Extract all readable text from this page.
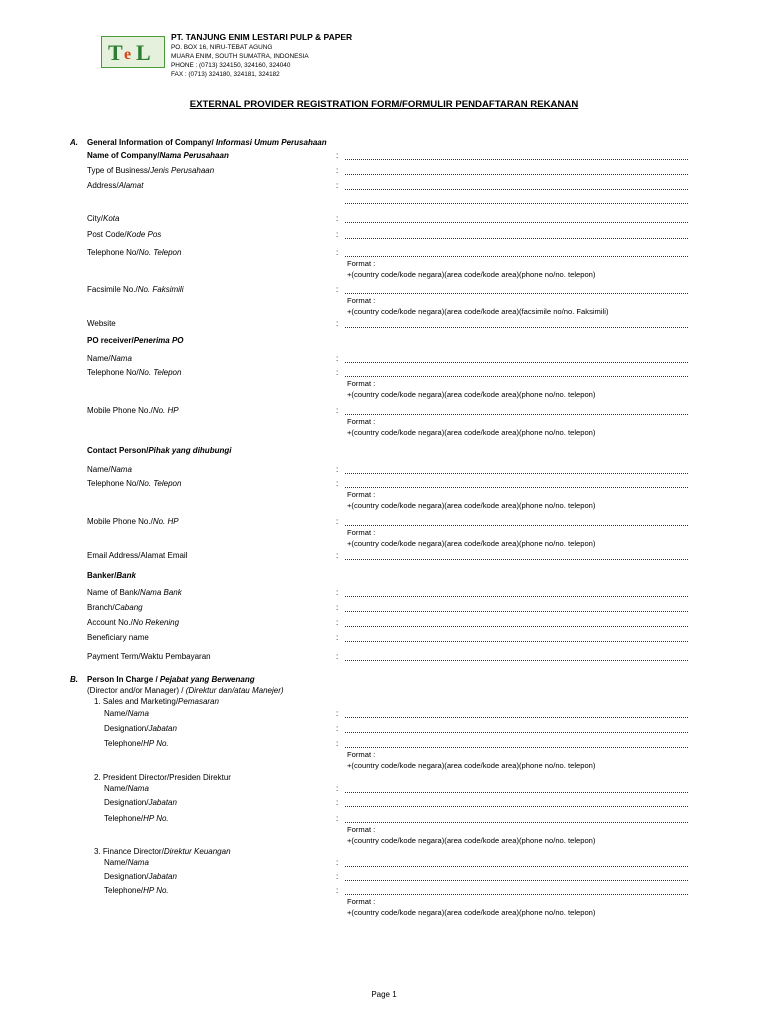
T e L
PT. TANJUNG ENIM LESTARI PULP & PAPER
PO. BOX 16, NIRU-TEBAT AGUNG
MUARA ENIM, SOUTH SUMATRA, INDONESIA
PHONE : (0713) 324150, 324160, 324040
FAX : (0713) 324180, 324181, 324182
EXTERNAL PROVIDER REGISTRATION FORM/FORMULIR PENDAFTARAN REKANAN
A. General Information of Company/ Informasi Umum Perusahaan
Name of Company/Nama Perusahaan	:
Type of Business/Jenis Perusahaan	:
Address/Alamat	:
City/Kota	:
Post Code/Kode Pos	:
Telephone No/No. Telepon	:
Format :
+(country code/kode negara)(area code/kode area)(phone no/no. telepon)
Facsimile No./No. Faksimili	:
Format :
+(country code/kode negara)(area code/kode area)(facsimile no/no. Faksimili)
Website	:
PO receiver/Penerima PO
Name/Nama	:
Telephone No/No. Telepon	:
Format :
+(country code/kode negara)(area code/kode area)(phone no/no. telepon)
Mobile Phone No./No. HP	:
Format :
+(country code/kode negara)(area code/kode area)(phone no/no. telepon)
Contact Person/Pihak yang dihubungi
Name/Nama	:
Telephone No/No. Telepon	:
Format :
+(country code/kode negara)(area code/kode area)(phone no/no. telepon)
Mobile Phone No./No. HP	:
Format :
+(country code/kode negara)(area code/kode area)(phone no/no. telepon)
Email Address/Alamat Email	:
Banker/Bank
Name of Bank/Nama Bank	:
Branch/Cabang	:
Account No./No Rekening	:
Beneficiary name	:
Payment Term/Waktu Pembayaran	:
B. Person In Charge / Pejabat yang Berwenang
(Director and/or Manager) / (Direktur dan/atau Manejer)
1. Sales and Marketing/Pemasaran
Name/Nama	:
Designation/Jabatan	:
Telephone/HP No.	:
Format :
+(country code/kode negara)(area code/kode area)(phone no/no. telepon)
2. President Director/Presiden Direktur
Name/Nama	:
Designation/Jabatan	:
Telephone/HP No.	:
Format :
+(country code/kode negara)(area code/kode area)(phone no/no. telepon)
3. Finance Director/Direktur Keuangan
Name/Nama	:
Designation/Jabatan	:
Telephone/HP No.	:
Format :
+(country code/kode negara)(area code/kode area)(phone no/no. telepon)
Page 1
